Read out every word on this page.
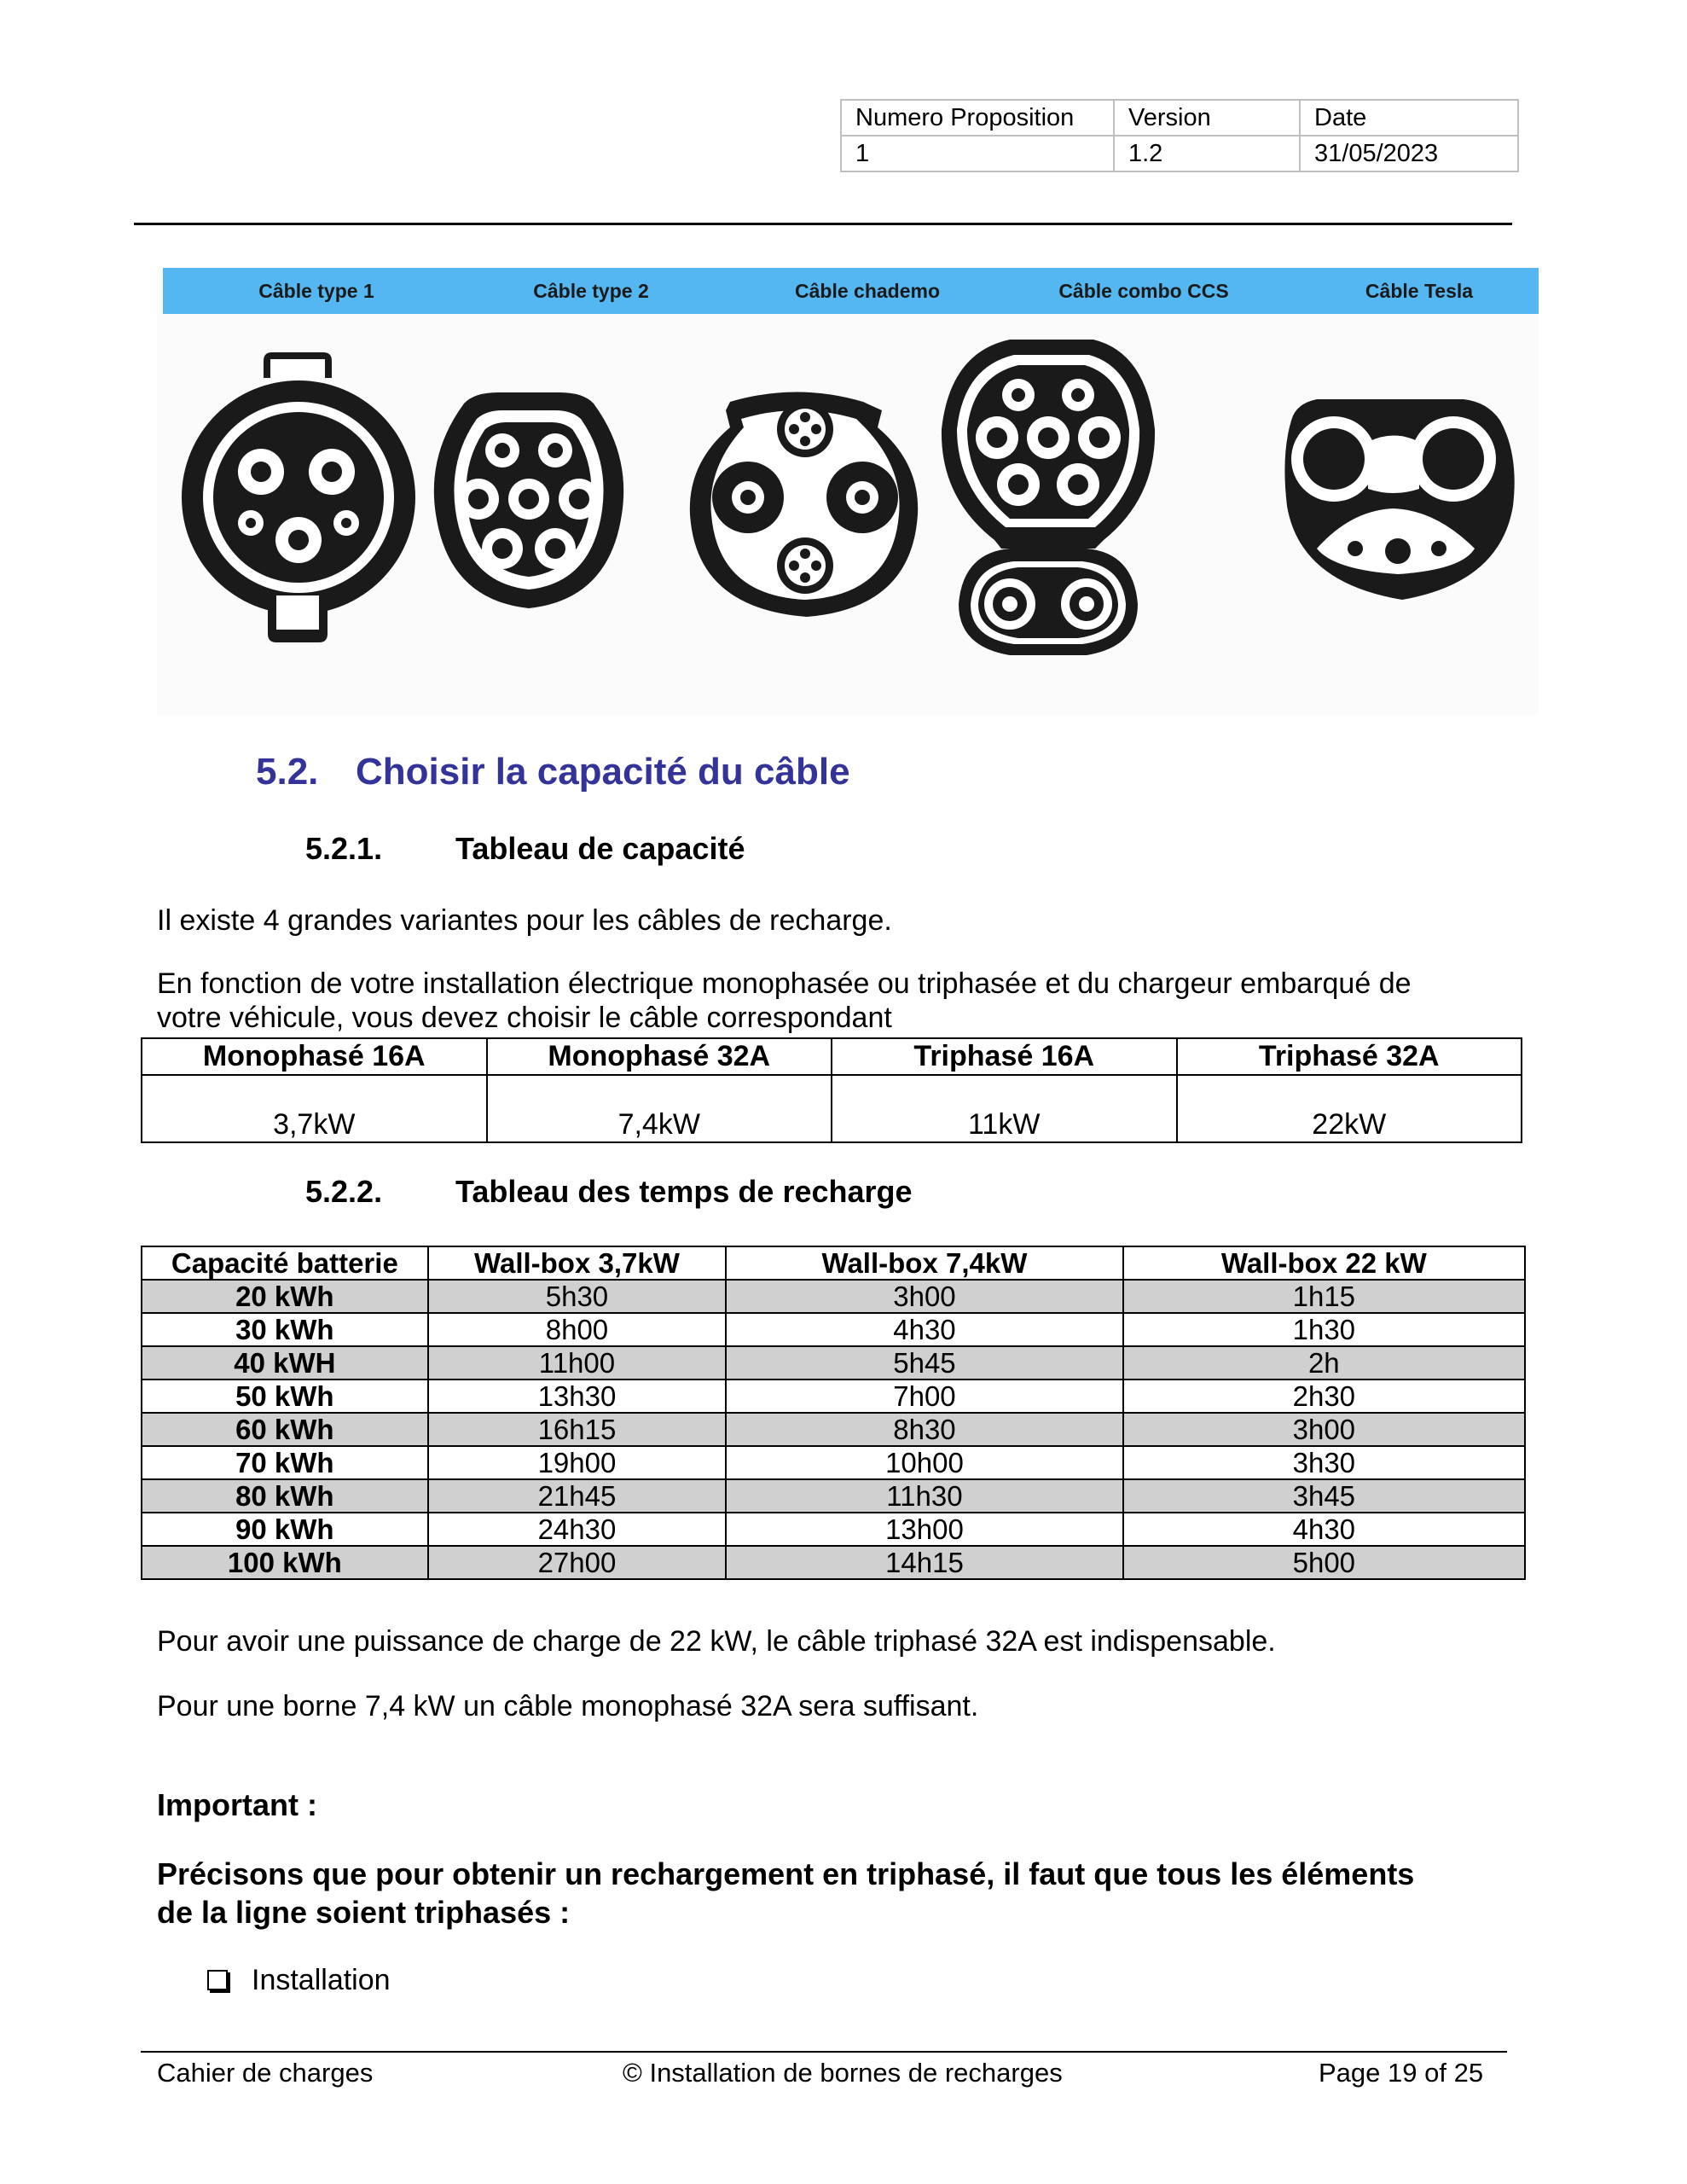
Numero Proposition	Version	Date
1	1.2	31/05/2023
Câble type 1	Câble type 2	Câble chademo	Câble combo CCS	Câble Tesla
5.2. Choisir la capacité du câble
5.2.1. Tableau de capacité
Il existe 4 grandes variantes pour les câbles de recharge.
En fonction de votre installation électrique monophasée ou triphasée et du chargeur embarqué de
votre véhicule, vous devez choisir le câble correspondant
Monophasé 16A	Monophasé 32A	Triphasé 16A	Triphasé 32A
3,7kW	7,4kW	11kW	22kW
5.2.2. Tableau des temps de recharge
Capacité batterie	Wall-box 3,7kW	Wall-box 7,4kW	Wall-box 22 kW
20 kWh	5h30	3h00	1h15
30 kWh	8h00	4h30	1h30
40 kWH	11h00	5h45	2h
50 kWh	13h30	7h00	2h30
60 kWh	16h15	8h30	3h00
70 kWh	19h00	10h00	3h30
80 kWh	21h45	11h30	3h45
90 kWh	24h30	13h00	4h30
100 kWh	27h00	14h15	5h00
Pour avoir une puissance de charge de 22 kW, le câble triphasé 32A est indispensable.
Pour une borne 7,4 kW un câble monophasé 32A sera suffisant.
Important :
Précisons que pour obtenir un rechargement en triphasé, il faut que tous les éléments
de la ligne soient triphasés :
Installation
Cahier de charges	© Installation de bornes de recharges	Page 19 of 25
